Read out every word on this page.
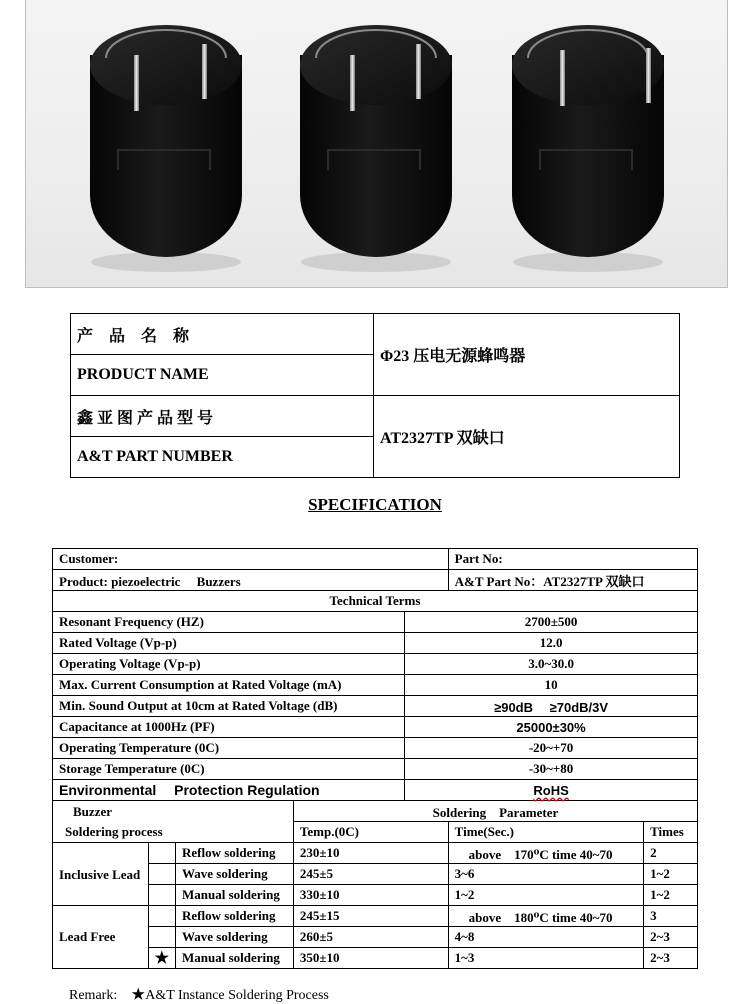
产　品　名　称	Φ23 压电无源蜂鸣器
PRODUCT NAME	
鑫 亚 图 产 品 型 号	AT2327TP 双缺口
A&T PART NUMBER	
SPECIFICATION
Customer:					Part No:	
Product: piezoelectric　 Buzzers					A&T Part No：AT2327TP 双缺口	
Technical Terms						
Resonant Frequency (HZ)				2700±500		
Rated Voltage (Vp-p)				12.0		
Operating Voltage (Vp-p)				3.0~30.0		
Max. Current Consumption at Rated Voltage (mA)				10		
Min. Sound Output at 10cm at Rated Voltage (dB)				≥90dB　 ≥70dB/3V		
Capacitance at 1000Hz (PF)				25000±30%		
Operating Temperature (0C)				-20~+70		
Storage Temperature (0C)				-30~+80		
Environmental　 Protection Regulation				RoHS		

Buzzer
Soldering process			Soldering　Parameter			
			Temp.(0C)		Time(Sec.)	Times
Inclusive Lead		Reflow soldering	230±10		above　170⁰C time 40~70	2
		Wave soldering	245±5		3~6	1~2
		Manual soldering	330±10		1~2	1~2
Lead Free		Reflow soldering	245±15		above　180⁰C time 40~70	3
		Wave soldering	260±5		4~8	2~3
	★	Manual soldering	350±10		1~3	2~3
Remark:　★A&T Instance Soldering Process
